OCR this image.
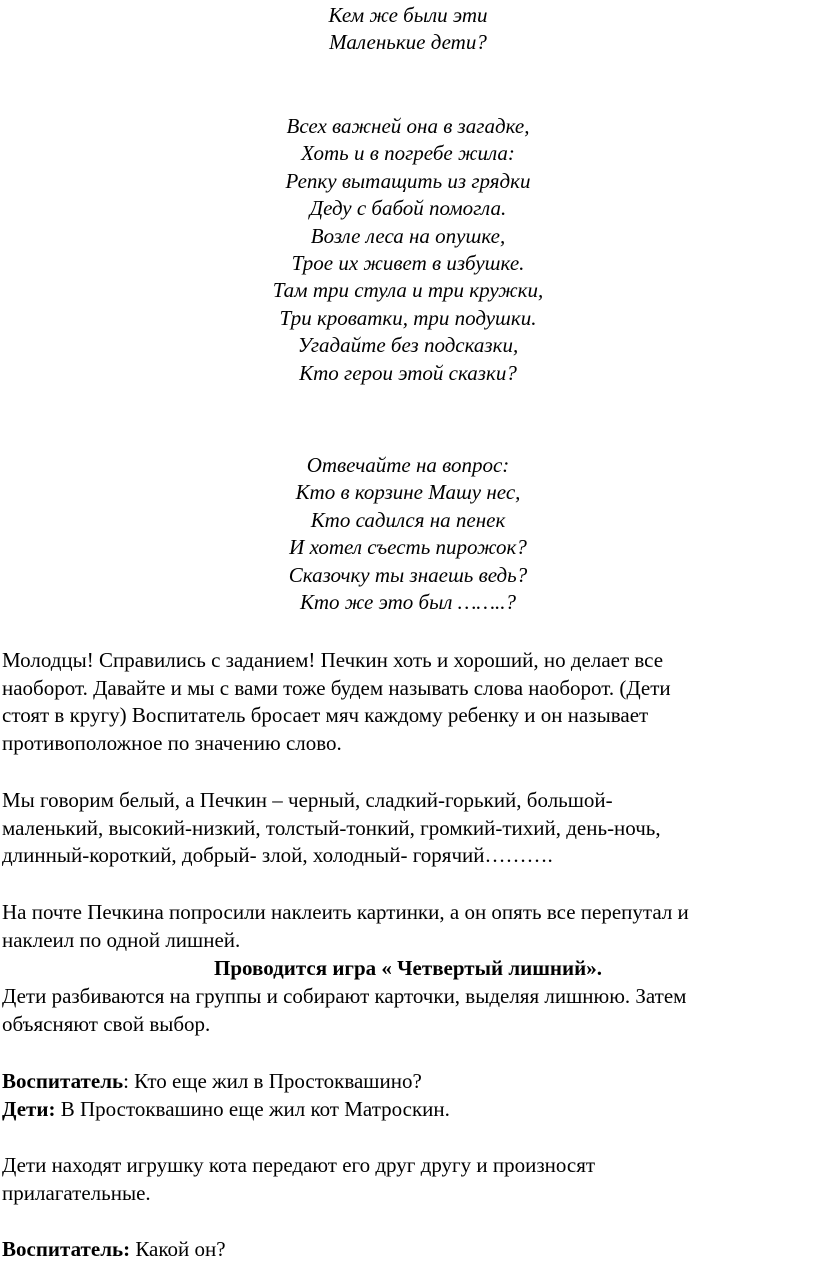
Кем же были эти
Маленькие дети?
Всех важней она в загадке,
Хоть и в погребе жила:
Репку вытащить из грядки
Деду с бабой помогла.
Возле леса на опушке,
Трое их живет в избушке.
Там три стула и три кружки,
Три кроватки, три подушки.
Угадайте без подсказки,
Кто герои этой сказки?
Отвечайте на вопрос:
Кто в корзине Машу нес,
Кто садился на пенек
И хотел съесть пирожок?
Сказочку ты знаешь ведь?
Кто же это был ……..?
Молодцы! Справились с заданием! Печкин хоть и хороший, но делает все
наоборот. Давайте и мы с вами тоже будем называть слова наоборот. (Дети
стоят в кругу) Воспитатель бросает мяч каждому ребенку и он называет
противоположное по значению слово.
Мы говорим белый, а Печкин – черный, сладкий-горький, большой-
маленький, высокий-низкий, толстый-тонкий, громкий-тихий, день-ночь,
длинный-короткий, добрый- злой, холодный- горячий……….
На почте Печкина попросили наклеить картинки, а он опять все перепутал и
наклеил по одной лишней.
Проводится игра « Четвертый лишний».
Дети разбиваются на группы и собирают карточки, выделяя лишнюю. Затем
объясняют свой выбор.
Воспитатель: Кто еще жил в Простоквашино?
Дети: В Простоквашино еще жил кот Матроскин.
Дети находят игрушку кота передают его друг другу и произносят
прилагательные.
Воспитатель: Какой он?
